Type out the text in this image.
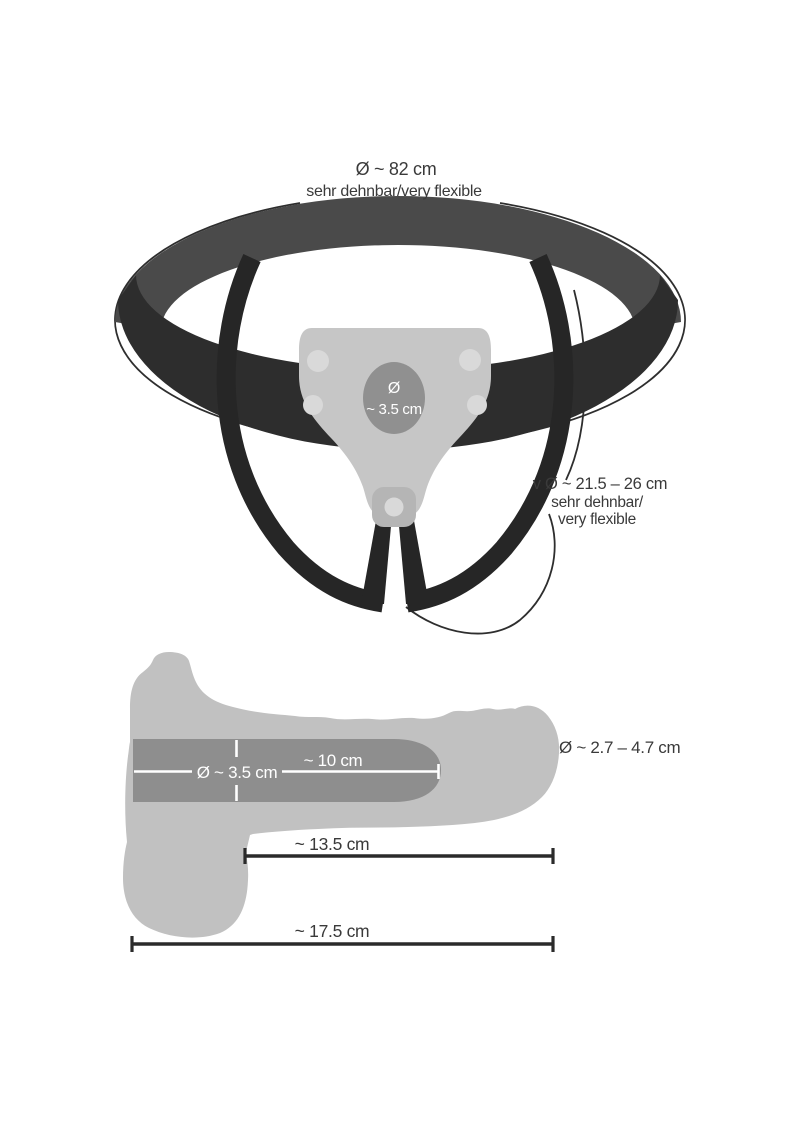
Ø
~ 3.5 cm
Ø ~ 82 cm
sehr dehnbar/very flexible
v Ø ~ 21.5 – 26 cm
sehr dehnbar/
very flexible
Ø ~ 3.5 cm
~ 10 cm
Ø ~ 2.7 – 4.7 cm
~ 13.5 cm
~ 17.5 cm
